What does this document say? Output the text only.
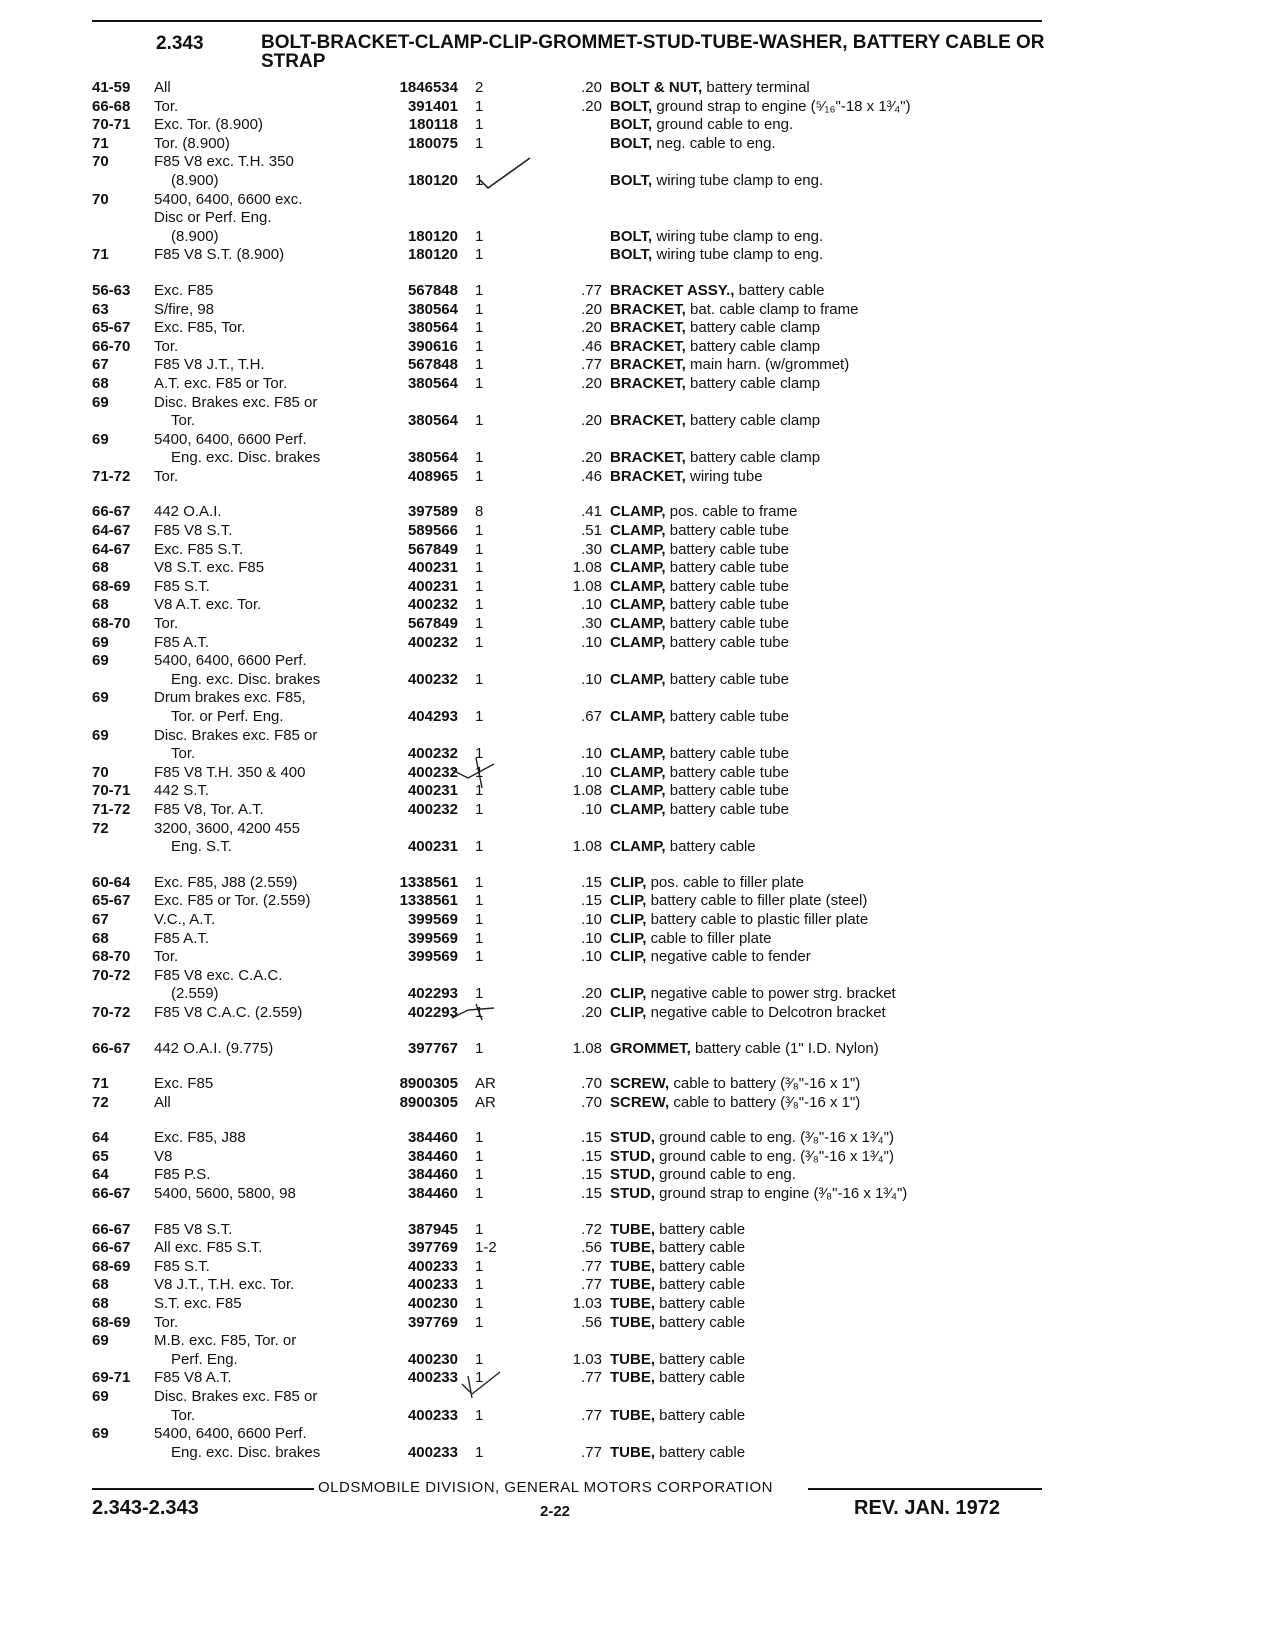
2.343	BOLT-BRACKET-CLAMP-CLIP-GROMMET-STUD-TUBE-WASHER, BATTERY CABLE OR STRAP
41-59	All	1846534 2	.20 BOLT & NUT, battery terminal
66-68	Tor.	391401 1	.20 BOLT, ground strap to engine (⁵⁄₁₆"-18 x 1³⁄₄")
70-71	Exc. Tor. (8.900)	180118 1	BOLT, ground cable to eng.
71	Tor. (8.900)	180075 1	BOLT, neg. cable to eng.
70	F85 V8 exc. T.H. 350
(8.900)	180120 1	BOLT, wiring tube clamp to eng.
70	5400, 6400, 6600 exc.
Disc or Perf. Eng.
(8.900)	180120 1	BOLT, wiring tube clamp to eng.
71	F85 V8 S.T. (8.900)	180120 1	BOLT, wiring tube clamp to eng.
56-63	Exc. F85	567848 1	.77 BRACKET ASSY., battery cable
63	S/fire, 98	380564 1	.20 BRACKET, bat. cable clamp to frame
65-67	Exc. F85, Tor.	380564 1	.20 BRACKET, battery cable clamp
66-70	Tor.	390616 1	.46 BRACKET, battery cable clamp
67	F85 V8 J.T., T.H.	567848 1	.77 BRACKET, main harn. (w/grommet)
68	A.T. exc. F85 or Tor.	380564 1	.20 BRACKET, battery cable clamp
69	Disc. Brakes exc. F85 or
Tor.	380564 1	.20 BRACKET, battery cable clamp
69	5400, 6400, 6600 Perf.
Eng. exc. Disc. brakes	380564 1	.20 BRACKET, battery cable clamp
71-72	Tor.	408965 1	.46 BRACKET, wiring tube
66-67	442 O.A.I.	397589 8	.41 CLAMP, pos. cable to frame
64-67	F85 V8 S.T.	589566 1	.51 CLAMP, battery cable tube
64-67	Exc. F85 S.T.	567849 1	.30 CLAMP, battery cable tube
68	V8 S.T. exc. F85	400231 1	1.08 CLAMP, battery cable tube
68-69	F85 S.T.	400231 1	1.08 CLAMP, battery cable tube
68	V8 A.T. exc. Tor.	400232 1	.10 CLAMP, battery cable tube
68-70	Tor.	567849 1	.30 CLAMP, battery cable tube
69	F85 A.T.	400232 1	.10 CLAMP, battery cable tube
69	5400, 6400, 6600 Perf.
Eng. exc. Disc. brakes	400232 1	.10 CLAMP, battery cable tube
69	Drum brakes exc. F85,
Tor. or Perf. Eng.	404293 1	.67 CLAMP, battery cable tube
69	Disc. Brakes exc. F85 or
Tor.	400232 1	.10 CLAMP, battery cable tube
70	F85 V8 T.H. 350 & 400	400232 1	.10 CLAMP, battery cable tube
70-71	442 S.T.	400231 1	1.08 CLAMP, battery cable tube
71-72	F85 V8, Tor. A.T.	400232 1	.10 CLAMP, battery cable tube
72	3200, 3600, 4200 455
Eng. S.T.	400231 1	1.08 CLAMP, battery cable
60-64	Exc. F85, J88 (2.559)	1338561 1	.15 CLIP, pos. cable to filler plate
65-67	Exc. F85 or Tor. (2.559)	1338561 1	.15 CLIP, battery cable to filler plate (steel)
67	V.C., A.T.	399569 1	.10 CLIP, battery cable to plastic filler plate
68	F85 A.T.	399569 1	.10 CLIP, cable to filler plate
68-70	Tor.	399569 1	.10 CLIP, negative cable to fender
70-72	F85 V8 exc. C.A.C.
(2.559)	402293 1	.20 CLIP, negative cable to power strg. bracket
70-72	F85 V8 C.A.C. (2.559)	402293 1	.20 CLIP, negative cable to Delcotron bracket
66-67	442 O.A.I. (9.775)	397767 1	1.08 GROMMET, battery cable (1" I.D. Nylon)
71	Exc. F85	8900305 AR	.70 SCREW, cable to battery (³⁄₈"-16 x 1")
72	All	8900305 AR	.70 SCREW, cable to battery (³⁄₈"-16 x 1")
64	Exc. F85, J88	384460 1	.15 STUD, ground cable to eng. (³⁄₈"-16 x 1³⁄₄")
65	V8	384460 1	.15 STUD, ground cable to eng. (³⁄₈"-16 x 1³⁄₄")
64	F85 P.S.	384460 1	.15 STUD, ground cable to eng.
66-67	5400, 5600, 5800, 98	384460 1	.15 STUD, ground strap to engine (³⁄₈"-16 x 1³⁄₄")
66-67	F85 V8 S.T.	387945 1	.72 TUBE, battery cable
66-67	All exc. F85 S.T.	397769 1-2	.56 TUBE, battery cable
68-69	F85 S.T.	400233 1	.77 TUBE, battery cable
68	V8 J.T., T.H. exc. Tor.	400233 1	.77 TUBE, battery cable
68	S.T. exc. F85	400230 1	1.03 TUBE, battery cable
68-69	Tor.	397769 1	.56 TUBE, battery cable
69	M.B. exc. F85, Tor. or
Perf. Eng.	400230 1	1.03 TUBE, battery cable
69-71	F85 V8 A.T.	400233 1	.77 TUBE, battery cable
69	Disc. Brakes exc. F85 or
Tor.	400233 1	.77 TUBE, battery cable
69	5400, 6400, 6600 Perf.
Eng. exc. Disc. brakes	400233 1	.77 TUBE, battery cable
OLDSMOBILE DIVISION, GENERAL MOTORS CORPORATION
2.343-2.343	2-22	REV. JAN. 1972
